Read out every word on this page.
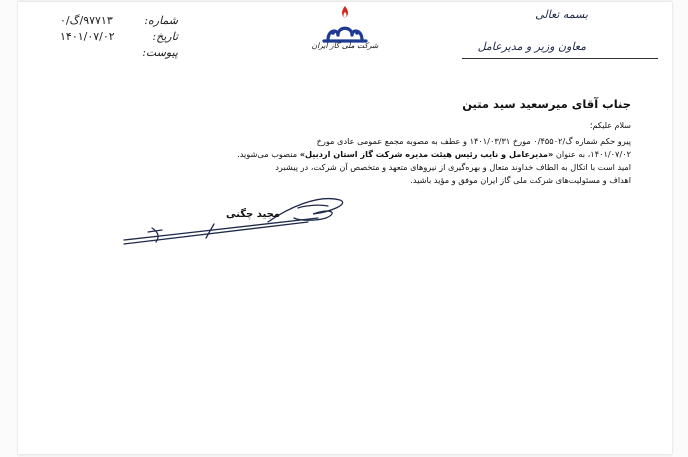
شماره:
۹۷۷۱۳/گ/۰
تاریخ:
۱۴۰۱/۰۷/۰۲
پیوست:
شرکت ملی گاز ایران
بسمه تعالی
معاون وزیر و مدیرعامل
جناب آقای میرسعید سید متین
سلام علیکم؛
پیرو حکم شماره گ/۰/۴۵۵۰۲ مورخ ۱۴۰۱/۰۳/۳۱ و عطف به مصوبه مجمع عمومی عادی مورخ
۱۴۰۱/۰۷/۰۲، به عنوان «مدیرعامل و نایب رئیس هیئت مدیره شرکت گاز استان اردبیل» منصوب می‌شوید.
امید است با اتکال به الطاف خداوند متعال و بهره‌گیری از نیروهای متعهد و متخصص آن شرکت، در پیشبرد
اهداف و مسئولیت‌های شرکت ملی گاز ایران موفق و مؤید باشید.
مجید چگنی
